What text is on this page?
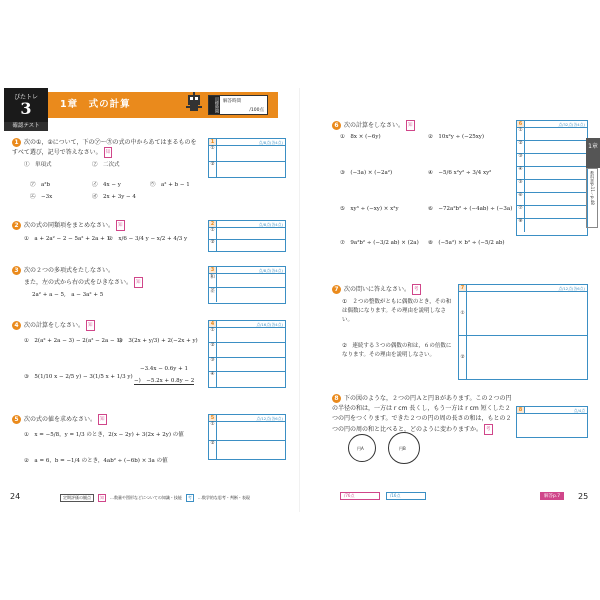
ぴたトレ
3
確認テスト
1章　式の計算	目標時間 解答時間
/100点
1 次の①，②について，下の㋐～㋕の式の中からあてはまるものをすべて選び，記号で答えなさい。 知
①　単項式	②　二次式
㋐　a²b	㋑　4x − y	㋒　a² + b − 1
㋓　−3x	㋔　2x + 3y − 4
2 次の式の同類項をまとめなさい。 知
①　a + 2a² − 2 − 5a² + 2a + 1
②　x/6 − 3/4 y − x/2 + 4/3 y
3 次の２つの多項式をたしなさい。
また，左の式から右の式をひきなさい。 知
2a² + a − 5,　a − 3a² + 5
4 次の計算をしなさい。 知
①　2(a² + 2a − 3) − 2(a² − 2a − 1)
②　3(2x + y/3) + 2(−2x + y)
③　5(1/10 x − 2/5 y) − 3(1/5 x + 1/3 y)
−3.4x − 0.6y + 1
−)　−5.2x + 0.8y − 2
5 次の式の値を求めなさい。 知
①　x = −5/8，y = 1/3 のとき，2(x − 2y) + 3(2x + 2y) の値
②　a = 6，b = −1/4 のとき，4ab² ÷ (−6b) × 3a の値
1	点/8点(各4点)
①
②
2	点/8点(各4点)
①
②
3	点/8点(各4点)
和
差
4	点/16点(各4点)
①
②
③
④
5	点/12点(各6点)
①
②
24	定期評価の観点	知	…数量や図形などについての知識・技能	考	…数学的な思考・判断・表現
6 次の計算をしなさい。 知
①　8x × (−6y)	②　10x²y ÷ (−25xy)
③　(−3a) × (−2a²)	④　−5/6 x²y² ÷ 3/4 xy²
⑤　xy³ ÷ (−xy) × x²y	⑥　−72a²b² ÷ (−4ab) ÷ (−3a)
⑦　9a²b² ÷ (−3/2 ab) × (2a) ⑧　(−5a²) × b² ÷ (−5/2 ab)
7 次の問いに答えなさい。 考
①　２つの整数がともに偶数のとき，その和は偶数になります。その理由を説明しなさい。
②　連続する３つの偶数の和は，６の倍数になります。その理由を説明しなさい。
8 下の図のような，２つの円Ａと円Ｂがあります。この２つの円の半径の和は，一方は r cm 長くし，もう一方は r cm 短くした２つの円をつくります。できた２つの円の周の長さの和は，もとの２つの円の周の和と比べると，どのように変わりますか。 考
円A	円B
6	点/32点(各4点)
①
②
③
④
⑤
⑥
⑦
⑧
7	点/12点(各6点)
①
②
8	点/4点
1章
教科書p.11〜p.48
/76点	/16点	解答p.7	25
